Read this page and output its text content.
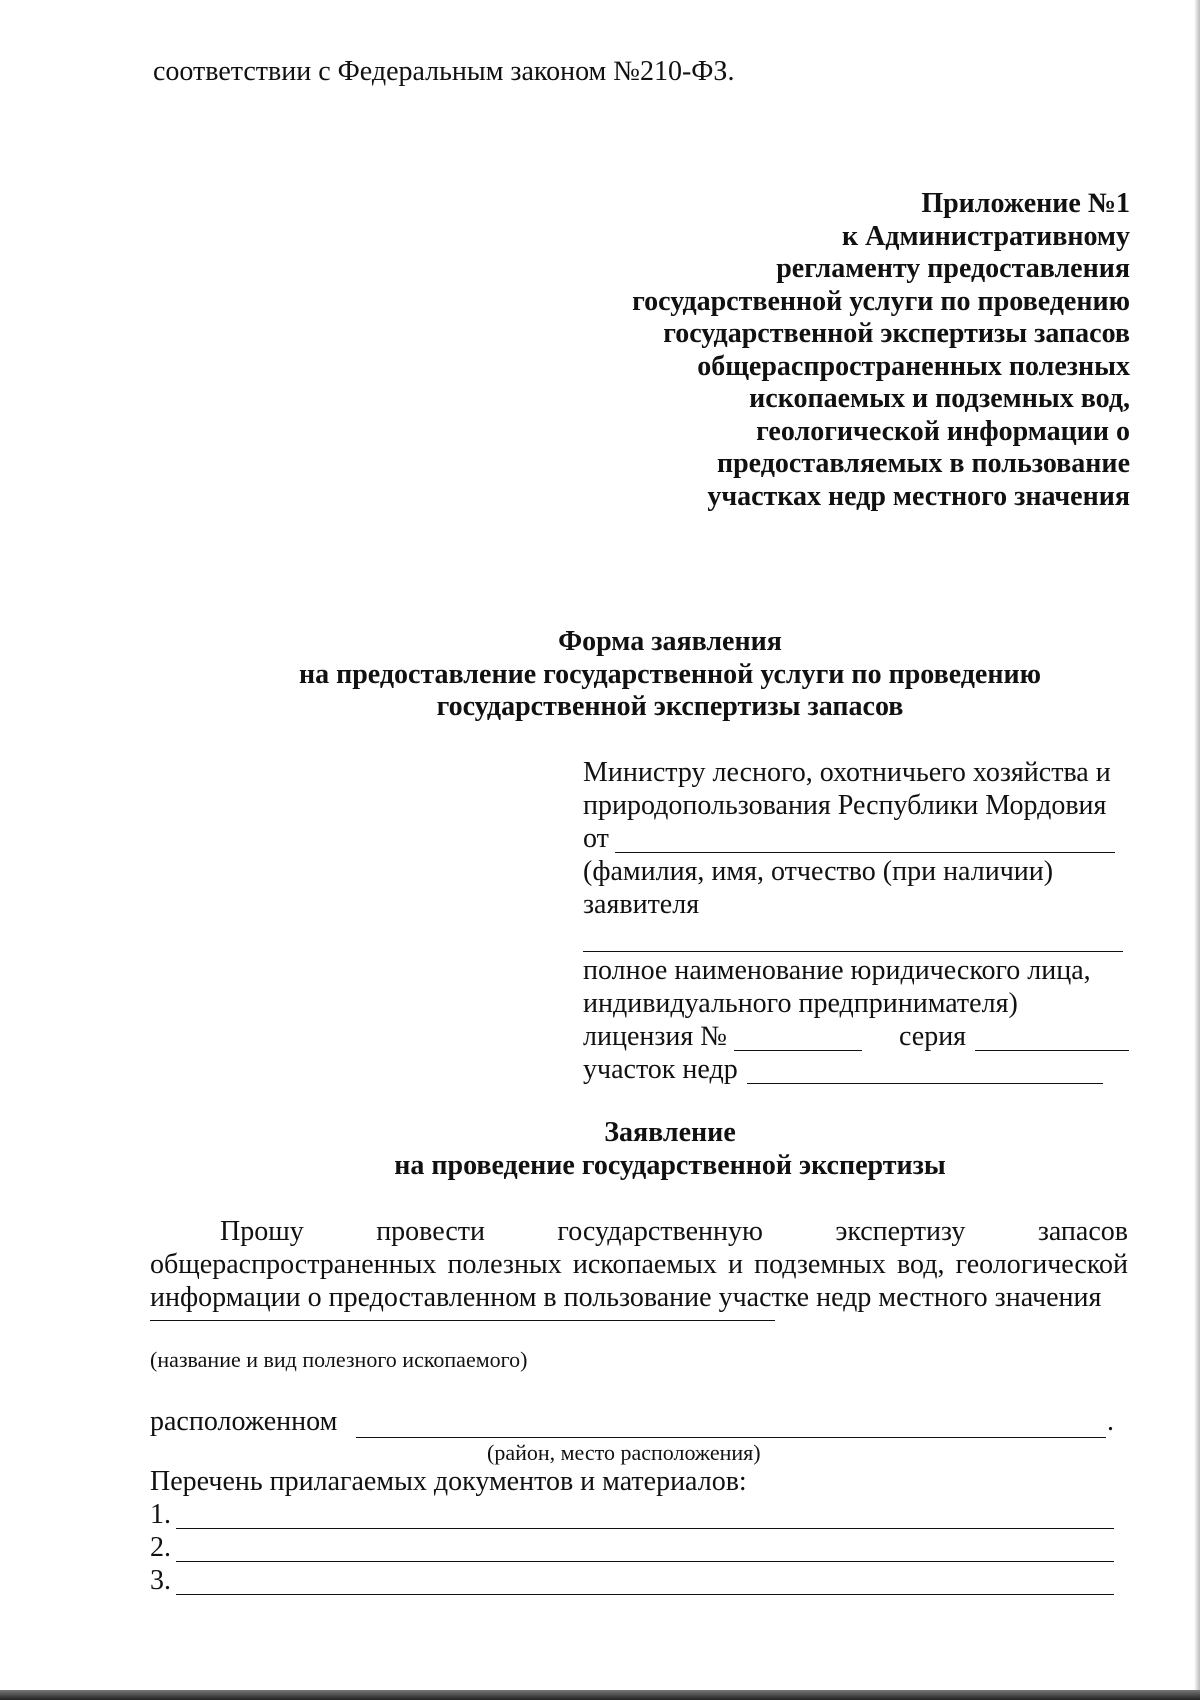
соответствии с Федеральным законом №210-ФЗ.
Приложение №1
к Административному
регламенту предоставления
государственной услуги по проведению
государственной экспертизы запасов
общераспространенных полезных
ископаемых и подземных вод,
геологической информации о
предоставляемых в пользование
участках недр местного значения
Форма заявления
на предоставление государственной услуги по проведению
государственной экспертизы запасов
Министру лесного, охотничьего хозяйства и
природопользования Республики Мордовия
от
(фамилия, имя, отчество (при наличии)
заявителя
полное наименование юридического лица,
индивидуального предпринимателя)
лицензия №	серия
участок недр
Заявление
на проведение государственной экспертизы
Прошу провести государственную экспертизу запасов
общераспространенных полезных ископаемых и подземных вод, геологической
информации о предоставленном в пользование участке недр местного значения
(название и вид полезного ископаемого)
расположенном	.
(район, место расположения)
Перечень прилагаемых документов и материалов:
1.
2.
3.
